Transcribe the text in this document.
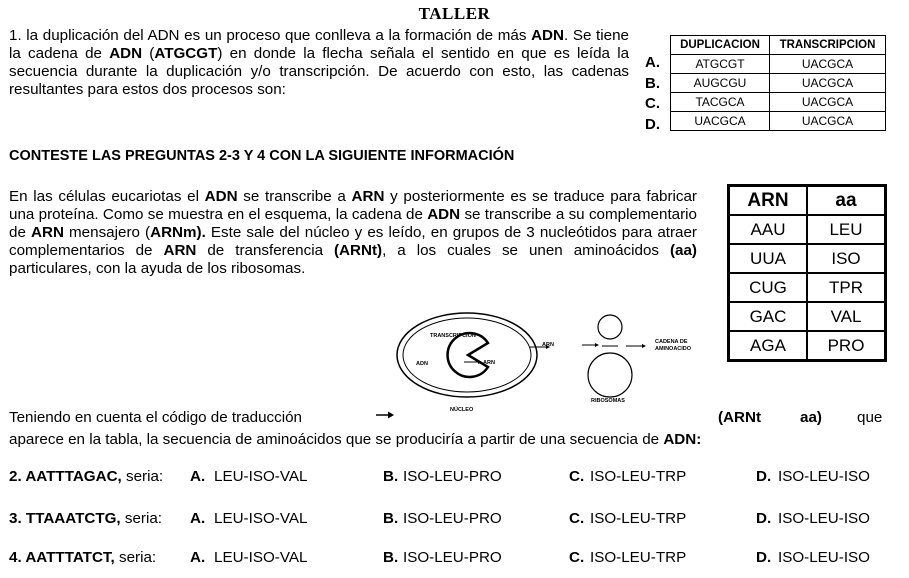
TALLER
1. la duplicación del ADN es un proceso que conlleva a la formación de más ADN. Se tiene la cadena de ADN (ATGCGT) en donde la flecha señala el sentido en que es leída la secuencia durante la duplicación y/o transcripción. De acuerdo con esto, las cadenas resultantes para estos dos procesos son:
A.
B.
C.
D.
DUPLICACION	TRANSCRIPCION
ATGCGT	UACGCA
AUGCGU	UACGCA
TACGCA	UACGCA
UACGCA	UACGCA
CONTESTE LAS PREGUNTAS 2-3 Y 4 CON LA SIGUIENTE INFORMACIÓN
En las células eucariotas el ADN se transcribe a ARN y posteriormente es se traduce para fabricar una proteína. Como se muestra en el esquema, la cadena de ADN se transcribe a su complementario de ARN mensajero (ARNm). Este sale del núcleo y es leído, en grupos de 3 nucleótidos para atraer complementarios de ARN de transferencia (ARNt), a los cuales se unen aminoácidos (aa) particulares, con la ayuda de los ribosomas.
ARN	aa
AAU	LEU
UUA	ISO
CUG	TPR
GAC	VAL
AGA	PRO
TRANSCRIPCIÓN
ADN	ARN
NÚCLEO
ARN	CADENA DE
AMINOACIDO
RIBOSOMAS
Teniendo en cuenta el código de traducción	(ARNt	aa) que
aparece en la tabla, la secuencia de aminoácidos que se produciría a partir de una secuencia de ADN:
2. AATTTAGAC, seria: A. LEU-ISO-VAL	B. ISO-LEU-PRO	C. ISO-LEU-TRP	D. ISO-LEU-ISO
3. TTAAATCTG, seria: A. LEU-ISO-VAL	B. ISO-LEU-PRO	C. ISO-LEU-TRP	D. ISO-LEU-ISO
4. AATTTATCT, seria: A. LEU-ISO-VAL	B. ISO-LEU-PRO	C. ISO-LEU-TRP	D. ISO-LEU-ISO
